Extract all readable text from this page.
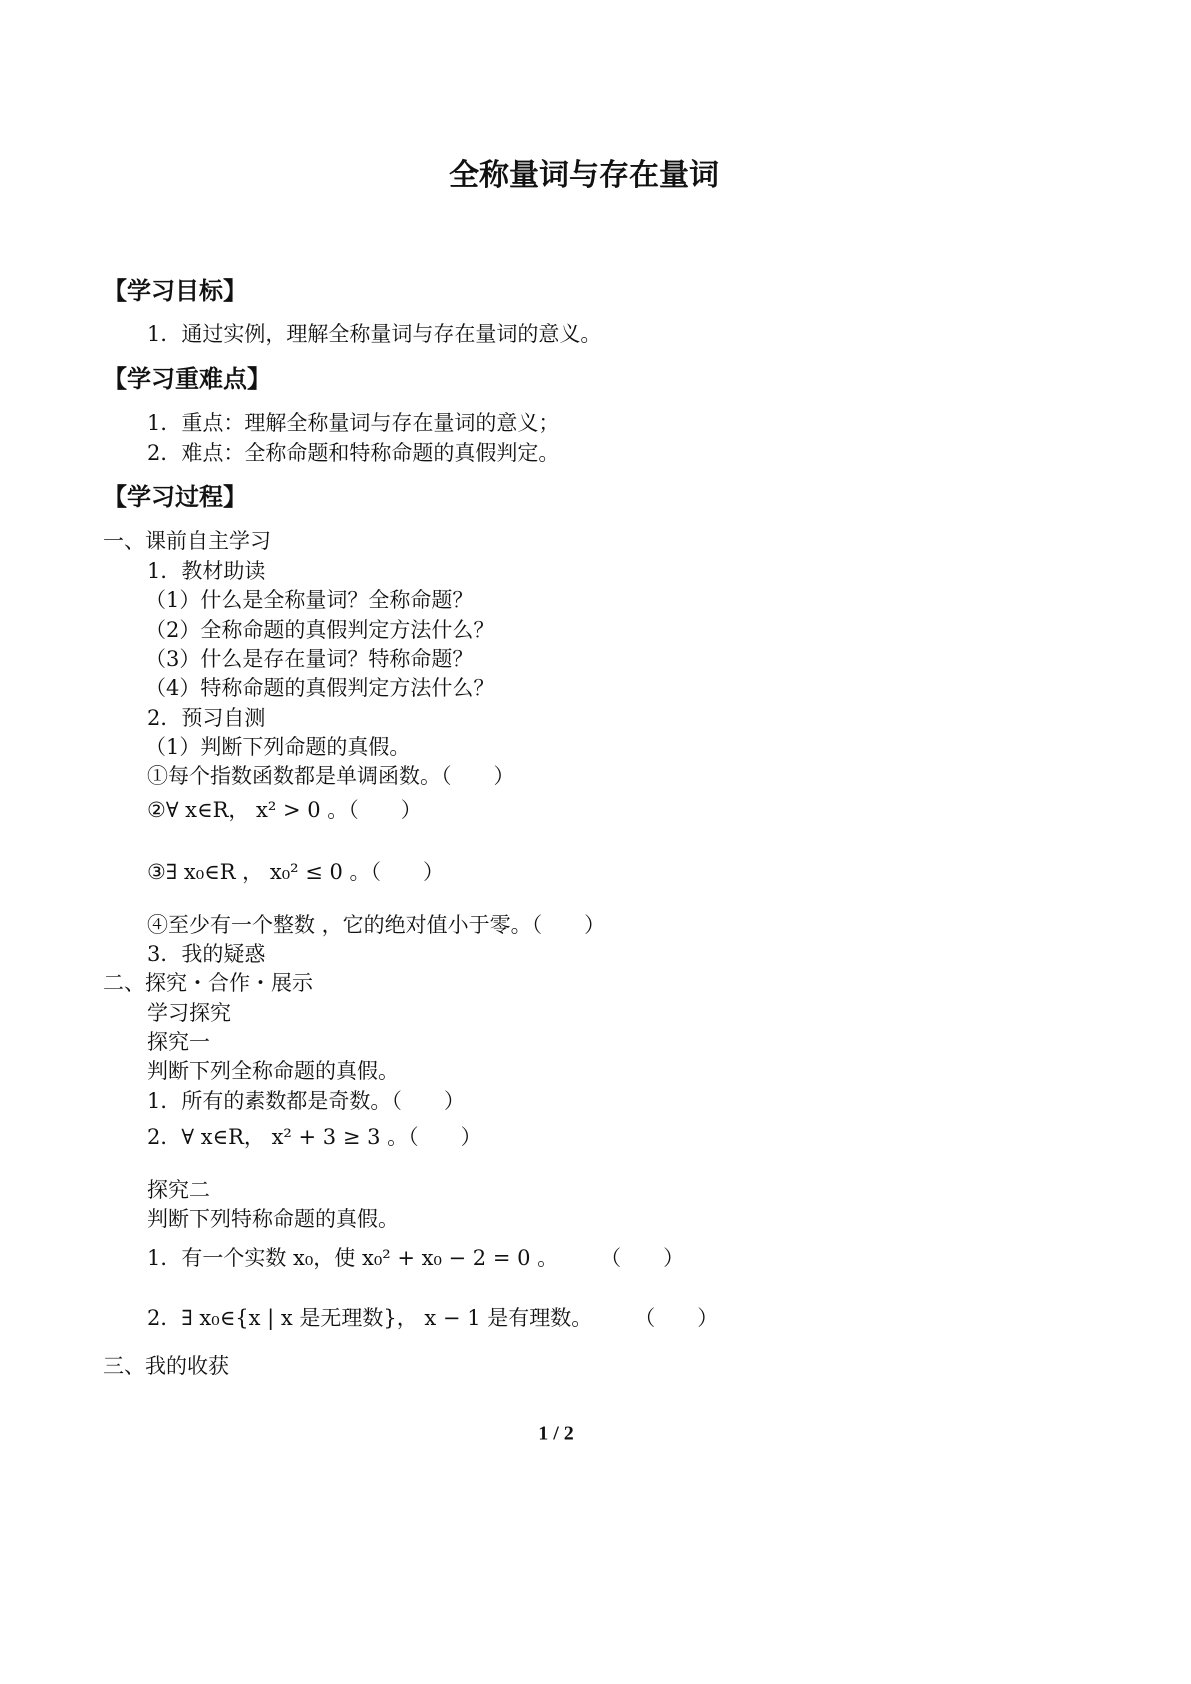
全称量词与存在量词
【学习目标】
1．通过实例，理解全称量词与存在量词的意义。
【学习重难点】
1．重点：理解全称量词与存在量词的意义；
2．难点：全称命题和特称命题的真假判定。
【学习过程】
一、课前自主学习
1．教材助读
（1）什么是全称量词？全称命题？
（2）全称命题的真假判定方法什么？
（3）什么是存在量词？特称命题？
（4）特称命题的真假判定方法什么？
2．预习自测
（1）判断下列命题的真假。
①每个指数函数都是单调函数。（　　）
②∀ x∈R， x² > 0 。（　　）
③∃ x₀∈R ， x₀² ≤ 0 。（　　）
④至少有一个整数 ，它的绝对值小于零。（　　）
3．我的疑惑
二、探究・合作・展示
学习探究
探究一
判断下列全称命题的真假。
1．所有的素数都是奇数。（　　）
2．∀ x∈R， x² + 3 ≥ 3 。（　　）
探究二
判断下列特称命题的真假。
1．有一个实数 x₀，使 x₀² + x₀ − 2 = 0 。　　　（　　）
2．∃ x₀∈{x | x 是无理数}， x − 1 是有理数。　　　（　　）
三、我的收获
1 / 2
